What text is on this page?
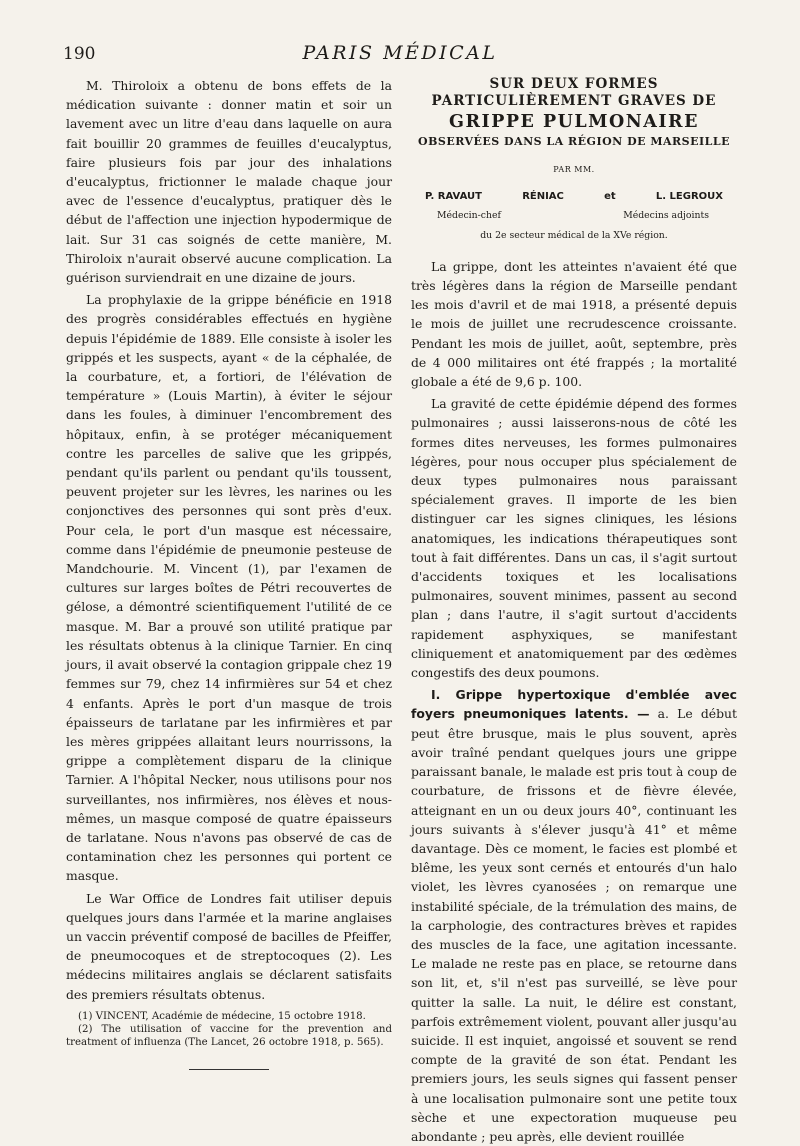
190	PARIS MÉDICAL

M. Thiroloix a obtenu de bons effets de la médication suivante : donner matin et soir un lavement avec un litre d'eau dans laquelle on aura fait bouillir 20 grammes de feuilles d'eucalyptus, faire plusieurs fois par jour des inhalations d'eucalyptus, frictionner le malade chaque jour avec de l'essence d'eucalyptus, pratiquer dès le début de l'affection une injection hypodermique de lait. Sur 31 cas soignés de cette manière, M. Thiroloix n'aurait observé aucune complication. La guérison surviendrait en une dizaine de jours.

La prophylaxie de la grippe bénéficie en 1918 des progrès considérables effectués en hygiène depuis l'épidémie de 1889. Elle consiste à isoler les grippés et les suspects, ayant « de la céphalée, de la courbature, et, a fortiori, de l'élévation de température » (Louis Martin), à éviter le séjour dans les foules, à diminuer l'encombrement des hôpitaux, enfin, à se protéger mécaniquement contre les parcelles de salive que les grippés, pendant qu'ils parlent ou pendant qu'ils toussent, peuvent projeter sur les lèvres, les narines ou les conjonctives des personnes qui sont près d'eux. Pour cela, le port d'un masque est nécessaire, comme dans l'épidémie de pneumonie pesteuse de Mandchourie. M. Vincent (1), par l'examen de cultures sur larges boîtes de Pétri recouvertes de gélose, a démontré scientifiquement l'utilité de ce masque. M. Bar a prouvé son utilité pratique par les résultats obtenus à la clinique Tarnier. En cinq jours, il avait observé la contagion grippale chez 19 femmes sur 79, chez 14 infirmières sur 54 et chez 4 enfants. Après le port d'un masque de trois épaisseurs de tarlatane par les infirmières et par les mères grippées allaitant leurs nourrissons, la grippe a complètement disparu de la clinique Tarnier. A l'hôpital Necker, nous utilisons pour nos surveillantes, nos infirmières, nos élèves et nous-mêmes, un masque composé de quatre épaisseurs de tarlatane. Nous n'avons pas observé de cas de contamination chez les personnes qui portent ce masque.

Le War Office de Londres fait utiliser depuis quelques jours dans l'armée et la marine anglaises un vaccin préventif composé de bacilles de Pfeiffer, de pneumocoques et de streptocoques (2). Les médecins militaires anglais se déclarent satisfaits des premiers résultats obtenus.

(1) VINCENT, Académie de médecine, 15 octobre 1918.
(2) The utilisation of vaccine for the prevention and treatment of influenza (The Lancet, 26 octobre 1918, p. 565).
SUR DEUX FORMES
PARTICULIÈREMENT GRAVES DE
GRIPPE PULMONAIRE
OBSERVÉES DANS LA RÉGION DE MARSEILLE
PAR MM.
P. RAVAUT	RÉNIAC	et	L. LEGROUX
Médecin-chef	Médecins adjoints
du 2e secteur médical de la XVe région.

La grippe, dont les atteintes n'avaient été que très légères dans la région de Marseille pendant les mois d'avril et de mai 1918, a présenté depuis le mois de juillet une recrudescence croissante. Pendant les mois de juillet, août, septembre, près de 4 000 militaires ont été frappés ; la mortalité globale a été de 9,6 p. 100.

La gravité de cette épidémie dépend des formes pulmonaires ; aussi laisserons-nous de côté les formes dites nerveuses, les formes pulmonaires légères, pour nous occuper plus spécialement de deux types pulmonaires nous paraissant spécialement graves. Il importe de les bien distinguer car les signes cliniques, les lésions anatomiques, les indications thérapeutiques sont tout à fait différentes. Dans un cas, il s'agit surtout d'accidents toxiques et les localisations pulmonaires, souvent minimes, passent au second plan ; dans l'autre, il s'agit surtout d'accidents rapidement asphyxiques, se manifestant cliniquement et anatomiquement par des œdèmes congestifs des deux poumons.

I. Grippe hypertoxique d'emblée avec foyers pneumoniques latents. — a. Le début peut être brusque, mais le plus souvent, après avoir traîné pendant quelques jours une grippe paraissant banale, le malade est pris tout à coup de courbature, de frissons et de fièvre élevée, atteignant en un ou deux jours 40°, continuant les jours suivants à s'élever jusqu'à 41° et même davantage. Dès ce moment, le facies est plombé et blême, les yeux sont cernés et entourés d'un halo violet, les lèvres cyanosées ; on remarque une instabilité spéciale, de la trémulation des mains, de la carphologie, des contractures brèves et rapides des muscles de la face, une agitation incessante. Le malade ne reste pas en place, se retourne dans son lit, et, s'il n'est pas surveillé, se lève pour quitter la salle. La nuit, le délire est constant, parfois extrêmement violent, pouvant aller jusqu'au suicide. Il est inquiet, angoissé et souvent se rend compte de la gravité de son état. Pendant les premiers jours, les seuls signes qui fassent penser à une localisation pulmonaire sont une petite toux sèche et une expectoration muqueuse peu abondante ; peu après, elle devient rouillée
